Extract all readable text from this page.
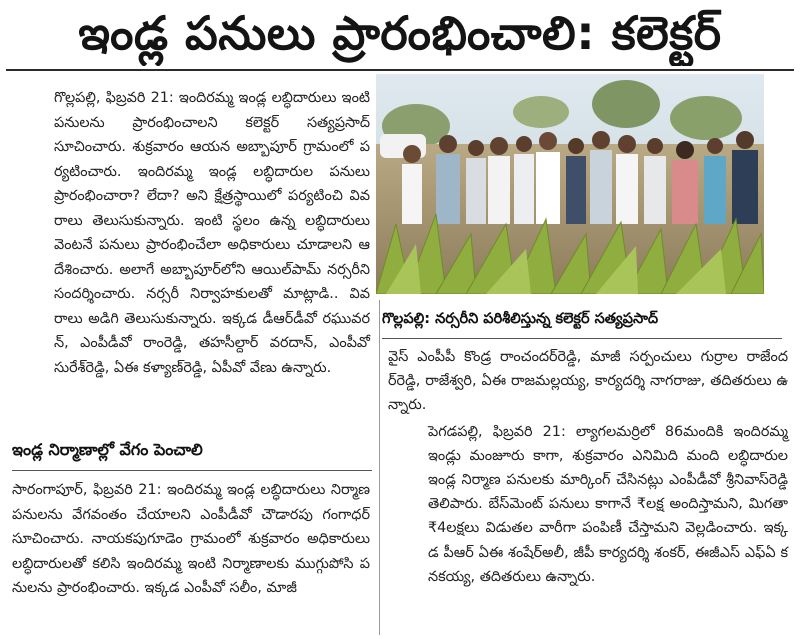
ఇండ్ల పనులు ప్రారంభించాలి: కలెక్టర్

గొల్లపల్లి, ఫిబ్రవరి 21: ఇందిరమ్మ ఇండ్ల లబ్ధిదారులు ఇంటి పనులను ప్రారంభించాలని కలెక్టర్ సత్యప్రసాద్ సూచించారు. శుక్రవారం ఆయన అబ్బాపూర్ గ్రామంలో పర్యటించారు. ఇందిరమ్మ ఇండ్ల లబ్ధిదారుల పనులు ప్రారంభించారా? లేదా? అని క్షేత్రస్థాయిలో పర్యటించి వివరాలు తెలుసుకున్నారు. ఇంటి స్థలం ఉన్న లబ్ధిదారులు వెంటనే పనులు ప్రారంభించేలా అధికారులు చూడాలని ఆదేశించారు. అలాగే అబ్బాపూర్‌లోని ఆయిల్‌పామ్ నర్సరీని సందర్శించారు. నర్సరీ నిర్వాహకులతో మాట్లాడి.. వివరాలు అడిగి తెలుసుకున్నారు. ఇక్కడ డీఆర్‌డీవో రఘువరన్, ఎంపీడీవో రాంరెడ్డి, తహసీల్దార్ వరదాన్, ఎంపీవో సురేశ్‌రెడ్డి, ఏఈ కళ్యాణ్‌రెడ్డి, ఏపీవో వేణు ఉన్నారు.

ఇండ్ల నిర్మాణాల్లో వేగం పెంచాలి

సారంగాపూర్, ఫిబ్రవరి 21: ఇందిరమ్మ ఇండ్ల లబ్ధిదారులు నిర్మాణ పనులను వేగవంతం చేయాలని ఎంపీడీవో చౌడారపు గంగాధర్ సూచించారు. నాయకపుగూడెం గ్రామంలో శుక్రవారం అధికారులు లబ్ధిదారులతో కలిసి ఇందిరమ్మ ఇంటి నిర్మాణాలకు ముగ్గుపోసి పనులను ప్రారంభించారు. ఇక్కడ ఎంపీవో సలీం, మాజీ

గొల్లపల్లి: నర్సరీని పరిశీలిస్తున్న కలెక్టర్ సత్యప్రసాద్

వైస్ ఎంపీపీ కొండ్ర రాంచందర్‌రెడ్డి, మాజీ సర్పంచులు గుర్రాల రాజేందర్‌రెడ్డి, రాజేశ్వరి, ఏఈ రాజమల్లయ్య, కార్యదర్శి నాగరాజు, తదితరులు ఉన్నారు.

పెగడపల్లి, ఫిబ్రవరి 21: ల్యాగలమర్రిలో 86మందికి ఇందిరమ్మ ఇండ్లు మంజూరు కాగా, శుక్రవారం ఎనిమిది మంది లబ్ధిదారుల ఇండ్ల నిర్మాణ పనులకు మార్కింగ్ చేసినట్లు ఎంపీడీవో శ్రీనివాస్‌రెడ్డి తెలిపారు. బేస్‌మెంట్ పనులు కాగానే ₹లక్ష అందిస్తామని, మిగతా ₹4లక్షలు విడుతల వారీగా పంపిణీ చేస్తామని వెల్లడించారు. ఇక్కడ పీఆర్ ఏఈ శంషేర్‌అలీ, జీపీ కార్యదర్శి శంకర్, ఈజీఎస్ ఎఫ్ఏ కనకయ్య, తదితరులు ఉన్నారు.
